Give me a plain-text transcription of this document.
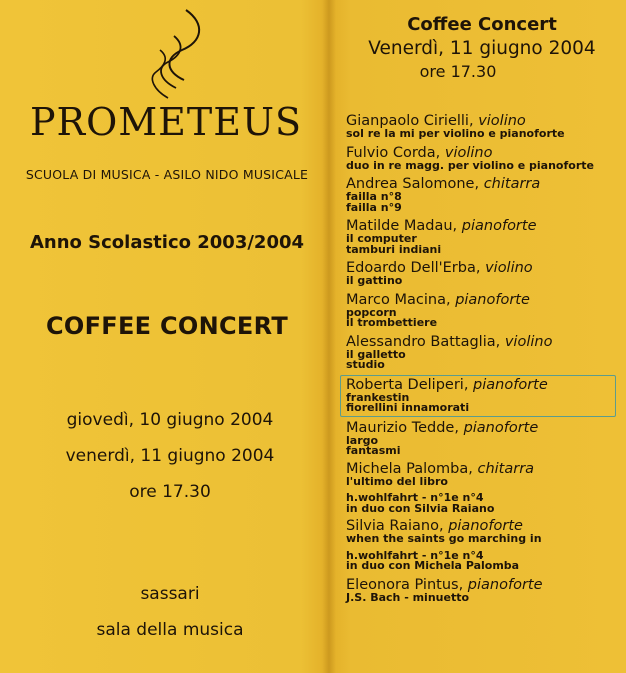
PROMETEUS
SCUOLA DI MUSICA - ASILO NIDO MUSICALE
Anno Scolastico 2003/2004
COFFEE CONCERT
giovedì, 10 giugno 2004
venerdì, 11 giugno 2004
ore 17.30
sassari
sala della musica
Coffee Concert
Venerdì, 11 giugno 2004
ore 17.30
Gianpaolo Cirielli, violino
sol re la mi per violino e pianoforte
Fulvio Corda, violino
duo in re magg. per violino e pianoforte
Andrea Salomone, chitarra
failla n°8
failla n°9
Matilde Madau, pianoforte
il computer
tamburi indiani
Edoardo Dell'Erba, violino
il gattino
Marco Macina, pianoforte
popcorn
il trombettiere
Alessandro Battaglia, violino
il galletto
studio
Roberta Deliperi, pianoforte
frankestin
fiorellini innamorati
Maurizio Tedde, pianoforte
largo
fantasmi
Michela Palomba, chitarra
l'ultimo del libro
h.wohlfahrt - n°1e n°4
in duo con Silvia Raiano
Silvia Raiano, pianoforte
when the saints go marching in
h.wohlfahrt - n°1e n°4
in duo con Michela Palomba
Eleonora Pintus, pianoforte
J.S. Bach - minuetto
